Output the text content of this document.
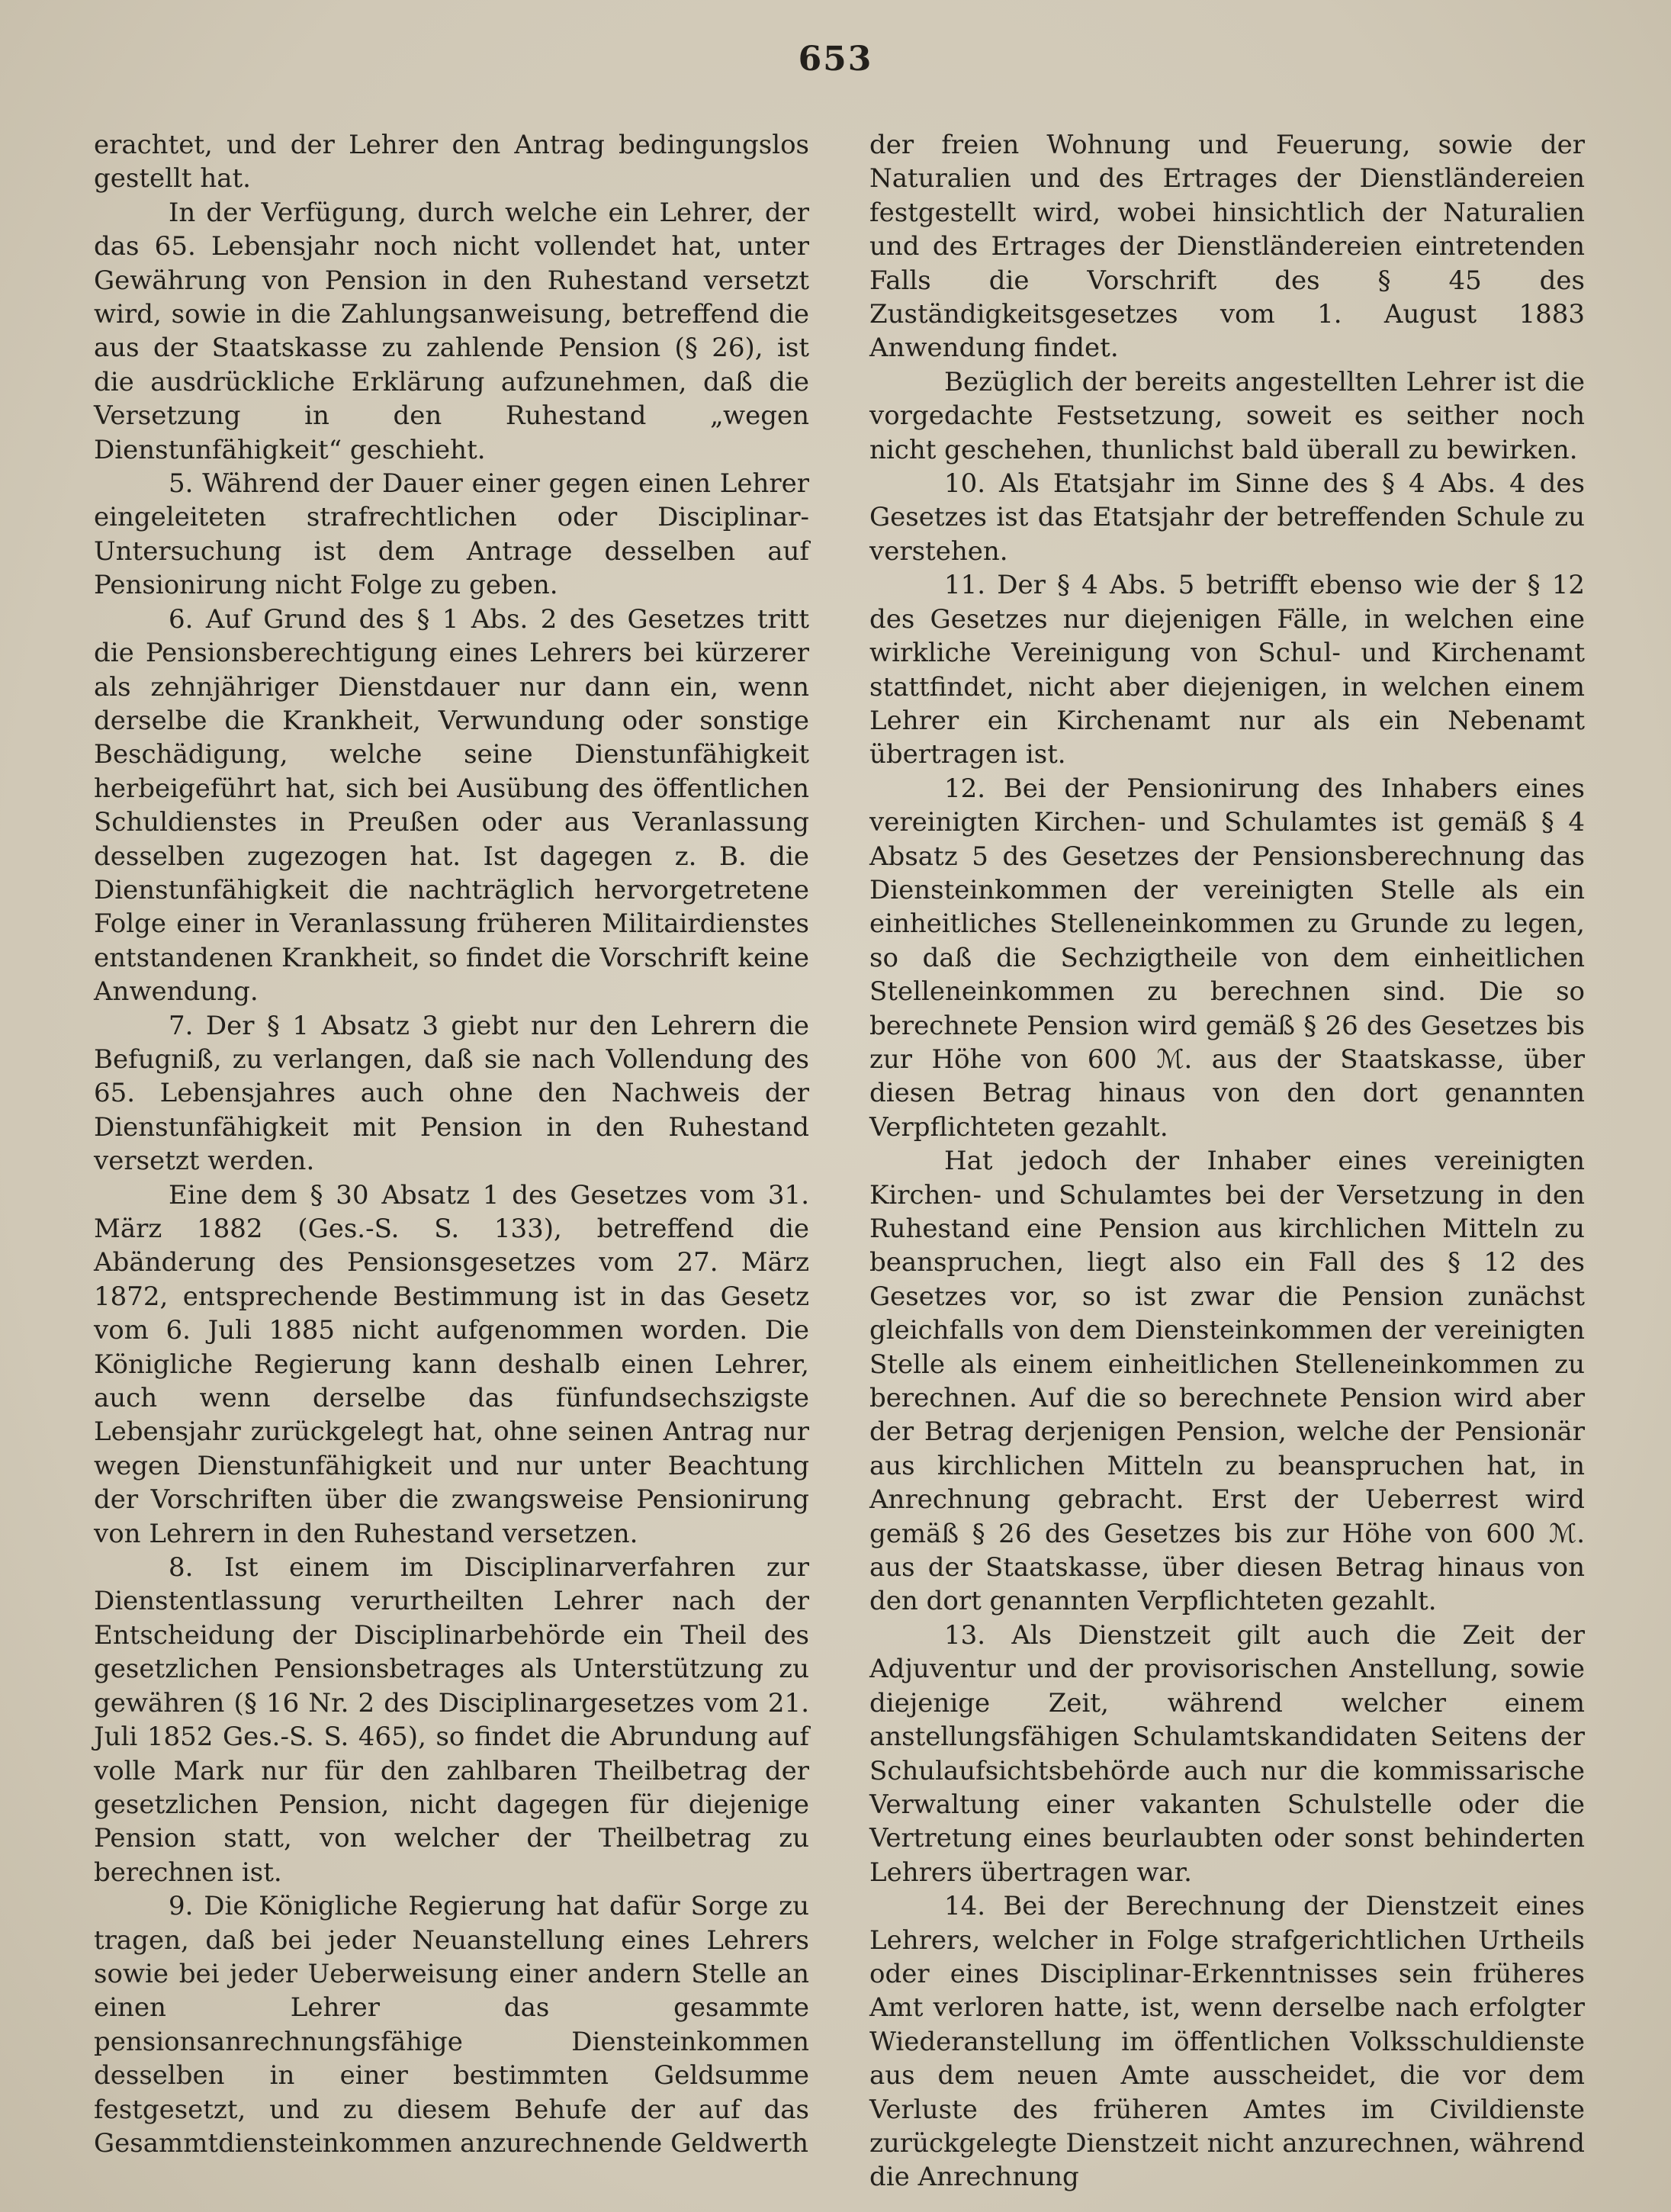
653

erachtet, und der Lehrer den Antrag bedingungslos gestellt hat.

In der Verfügung, durch welche ein Lehrer, der das 65. Lebensjahr noch nicht vollendet hat, unter Gewährung von Pension in den Ruhestand versetzt wird, sowie in die Zahlungsanweisung, betreffend die aus der Staatskasse zu zahlende Pension (§ 26), ist die ausdrückliche Erklärung aufzunehmen, daß die Versetzung in den Ruhestand „wegen Dienstunfähigkeit“ geschieht.

5. Während der Dauer einer gegen einen Lehrer eingeleiteten strafrechtlichen oder Disciplinar-Untersuchung ist dem Antrage desselben auf Pensionirung nicht Folge zu geben.

6. Auf Grund des § 1 Abs. 2 des Gesetzes tritt die Pensionsberechtigung eines Lehrers bei kürzerer als zehnjähriger Dienstdauer nur dann ein, wenn derselbe die Krankheit, Verwundung oder sonstige Beschädigung, welche seine Dienstunfähigkeit herbeigeführt hat, sich bei Ausübung des öffentlichen Schuldienstes in Preußen oder aus Veranlassung desselben zugezogen hat. Ist dagegen z. B. die Dienstunfähigkeit die nachträglich hervorgetretene Folge einer in Veranlassung früheren Militairdienstes entstandenen Krankheit, so findet die Vorschrift keine Anwendung.

7. Der § 1 Absatz 3 giebt nur den Lehrern die Befugniß, zu verlangen, daß sie nach Vollendung des 65. Lebensjahres auch ohne den Nachweis der Dienstunfähigkeit mit Pension in den Ruhestand versetzt werden.

Eine dem § 30 Absatz 1 des Gesetzes vom 31. März 1882 (Ges.-S. S. 133), betreffend die Abänderung des Pensionsgesetzes vom 27. März 1872, entsprechende Bestimmung ist in das Gesetz vom 6. Juli 1885 nicht aufgenommen worden. Die Königliche Regierung kann deshalb einen Lehrer, auch wenn derselbe das fünfundsechszigste Lebensjahr zurückgelegt hat, ohne seinen Antrag nur wegen Dienstunfähigkeit und nur unter Beachtung der Vorschriften über die zwangsweise Pensionirung von Lehrern in den Ruhestand versetzen.

8. Ist einem im Disciplinarverfahren zur Dienstentlassung verurtheilten Lehrer nach der Entscheidung der Disciplinarbehörde ein Theil des gesetzlichen Pensionsbetrages als Unterstützung zu gewähren (§ 16 Nr. 2 des Disciplinargesetzes vom 21. Juli 1852 Ges.-S. S. 465), so findet die Abrundung auf volle Mark nur für den zahlbaren Theilbetrag der gesetzlichen Pension, nicht dagegen für diejenige Pension statt, von welcher der Theilbetrag zu berechnen ist.

9. Die Königliche Regierung hat dafür Sorge zu tragen, daß bei jeder Neuanstellung eines Lehrers sowie bei jeder Ueberweisung einer andern Stelle an einen Lehrer das gesammte pensionsanrechnungsfähige Diensteinkommen desselben in einer bestimmten Geldsumme festgesetzt, und zu diesem Behufe der auf das Gesammtdiensteinkommen anzurechnende Geldwerth

der freien Wohnung und Feuerung, sowie der Naturalien und des Ertrages der Dienstländereien festgestellt wird, wobei hinsichtlich der Naturalien und des Ertrages der Dienstländereien eintretenden Falls die Vorschrift des § 45 des Zuständigkeitsgesetzes vom 1. August 1883 Anwendung findet.

Bezüglich der bereits angestellten Lehrer ist die vorgedachte Festsetzung, soweit es seither noch nicht geschehen, thunlichst bald überall zu bewirken.

10. Als Etatsjahr im Sinne des § 4 Abs. 4 des Gesetzes ist das Etatsjahr der betreffenden Schule zu verstehen.

11. Der § 4 Abs. 5 betrifft ebenso wie der § 12 des Gesetzes nur diejenigen Fälle, in welchen eine wirkliche Vereinigung von Schul- und Kirchenamt stattfindet, nicht aber diejenigen, in welchen einem Lehrer ein Kirchenamt nur als ein Nebenamt übertragen ist.

12. Bei der Pensionirung des Inhabers eines vereinigten Kirchen- und Schulamtes ist gemäß § 4 Absatz 5 des Gesetzes der Pensionsberechnung das Diensteinkommen der vereinigten Stelle als ein einheitliches Stelleneinkommen zu Grunde zu legen, so daß die Sechzigtheile von dem einheitlichen Stelleneinkommen zu berechnen sind. Die so berechnete Pension wird gemäß § 26 des Gesetzes bis zur Höhe von 600 ℳ. aus der Staatskasse, über diesen Betrag hinaus von den dort genannten Verpflichteten gezahlt.

Hat jedoch der Inhaber eines vereinigten Kirchen- und Schulamtes bei der Versetzung in den Ruhestand eine Pension aus kirchlichen Mitteln zu beanspruchen, liegt also ein Fall des § 12 des Gesetzes vor, so ist zwar die Pension zunächst gleichfalls von dem Diensteinkommen der vereinigten Stelle als einem einheitlichen Stelleneinkommen zu berechnen. Auf die so berechnete Pension wird aber der Betrag derjenigen Pension, welche der Pensionär aus kirchlichen Mitteln zu beanspruchen hat, in Anrechnung gebracht. Erst der Ueberrest wird gemäß § 26 des Gesetzes bis zur Höhe von 600 ℳ. aus der Staatskasse, über diesen Betrag hinaus von den dort genannten Verpflichteten gezahlt.

13. Als Dienstzeit gilt auch die Zeit der Adjuventur und der provisorischen Anstellung, sowie diejenige Zeit, während welcher einem anstellungsfähigen Schulamtskandidaten Seitens der Schulaufsichtsbehörde auch nur die kommissarische Verwaltung einer vakanten Schulstelle oder die Vertretung eines beurlaubten oder sonst behinderten Lehrers übertragen war.

14. Bei der Berechnung der Dienstzeit eines Lehrers, welcher in Folge strafgerichtlichen Urtheils oder eines Disciplinar-Erkenntnisses sein früheres Amt verloren hatte, ist, wenn derselbe nach erfolgter Wiederanstellung im öffentlichen Volksschuldienste aus dem neuen Amte ausscheidet, die vor dem Verluste des früheren Amtes im Civildienste zurückgelegte Dienstzeit nicht anzurechnen, während die Anrechnung
